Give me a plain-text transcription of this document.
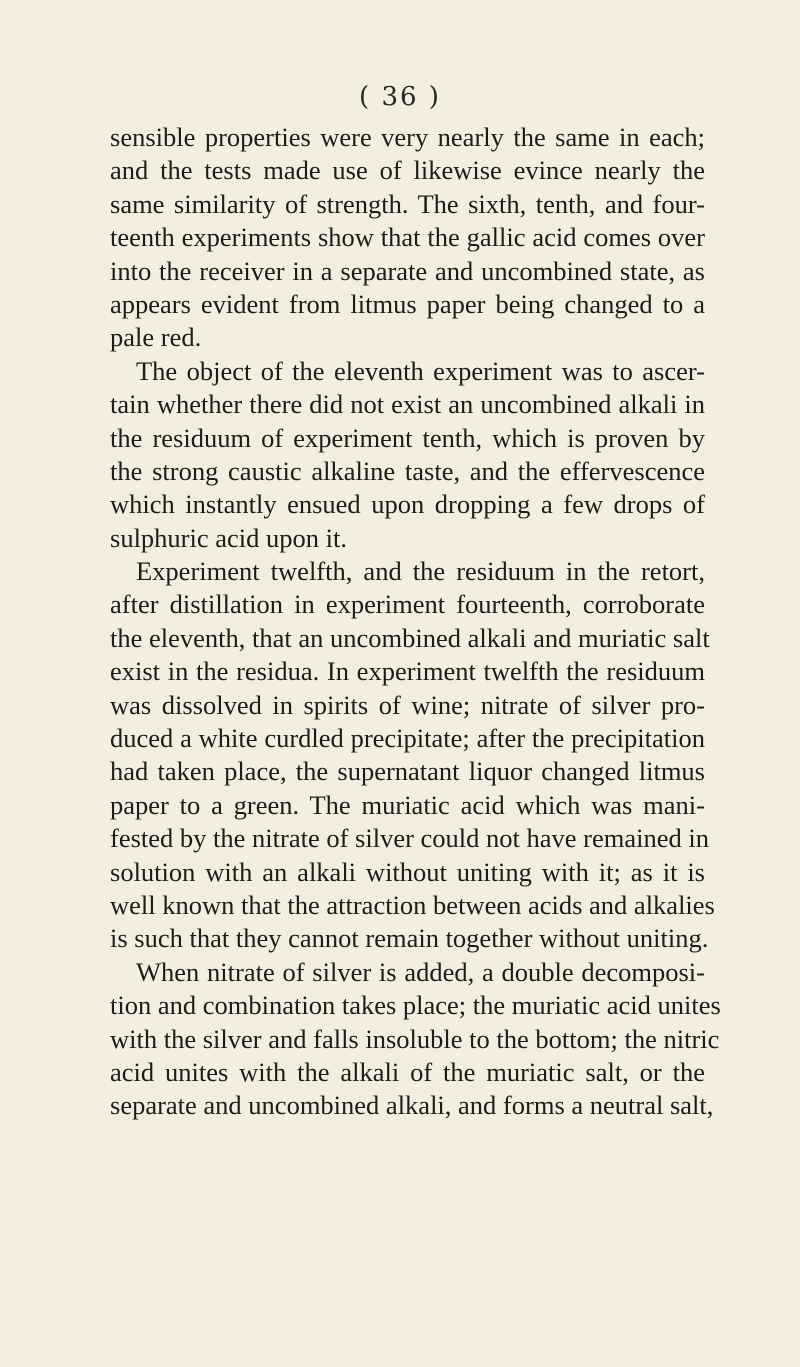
( 36 )
sensible properties were very nearly the same in each;
and the tests made use of likewise evince nearly the
same similarity of strength. The sixth, tenth, and four-
teenth experiments show that the gallic acid comes over
into the receiver in a separate and uncombined state, as
appears evident from litmus paper being changed to a
pale red.
The object of the eleventh experiment was to ascer-
tain whether there did not exist an uncombined alkali in
the residuum of experiment tenth, which is proven by
the strong caustic alkaline taste, and the effervescence
which instantly ensued upon dropping a few drops of
sulphuric acid upon it.
Experiment twelfth, and the residuum in the retort,
after distillation in experiment fourteenth, corroborate
the eleventh, that an uncombined alkali and muriatic salt
exist in the residua. In experiment twelfth the residuum
was dissolved in spirits of wine; nitrate of silver pro-
duced a white curdled precipitate; after the precipitation
had taken place, the supernatant liquor changed litmus
paper to a green. The muriatic acid which was mani-
fested by the nitrate of silver could not have remained in
solution with an alkali without uniting with it; as it is
well known that the attraction between acids and alkalies
is such that they cannot remain together without uniting.
When nitrate of silver is added, a double decomposi-
tion and combination takes place; the muriatic acid unites
with the silver and falls insoluble to the bottom; the nitric
acid unites with the alkali of the muriatic salt, or the
separate and uncombined alkali, and forms a neutral salt,
